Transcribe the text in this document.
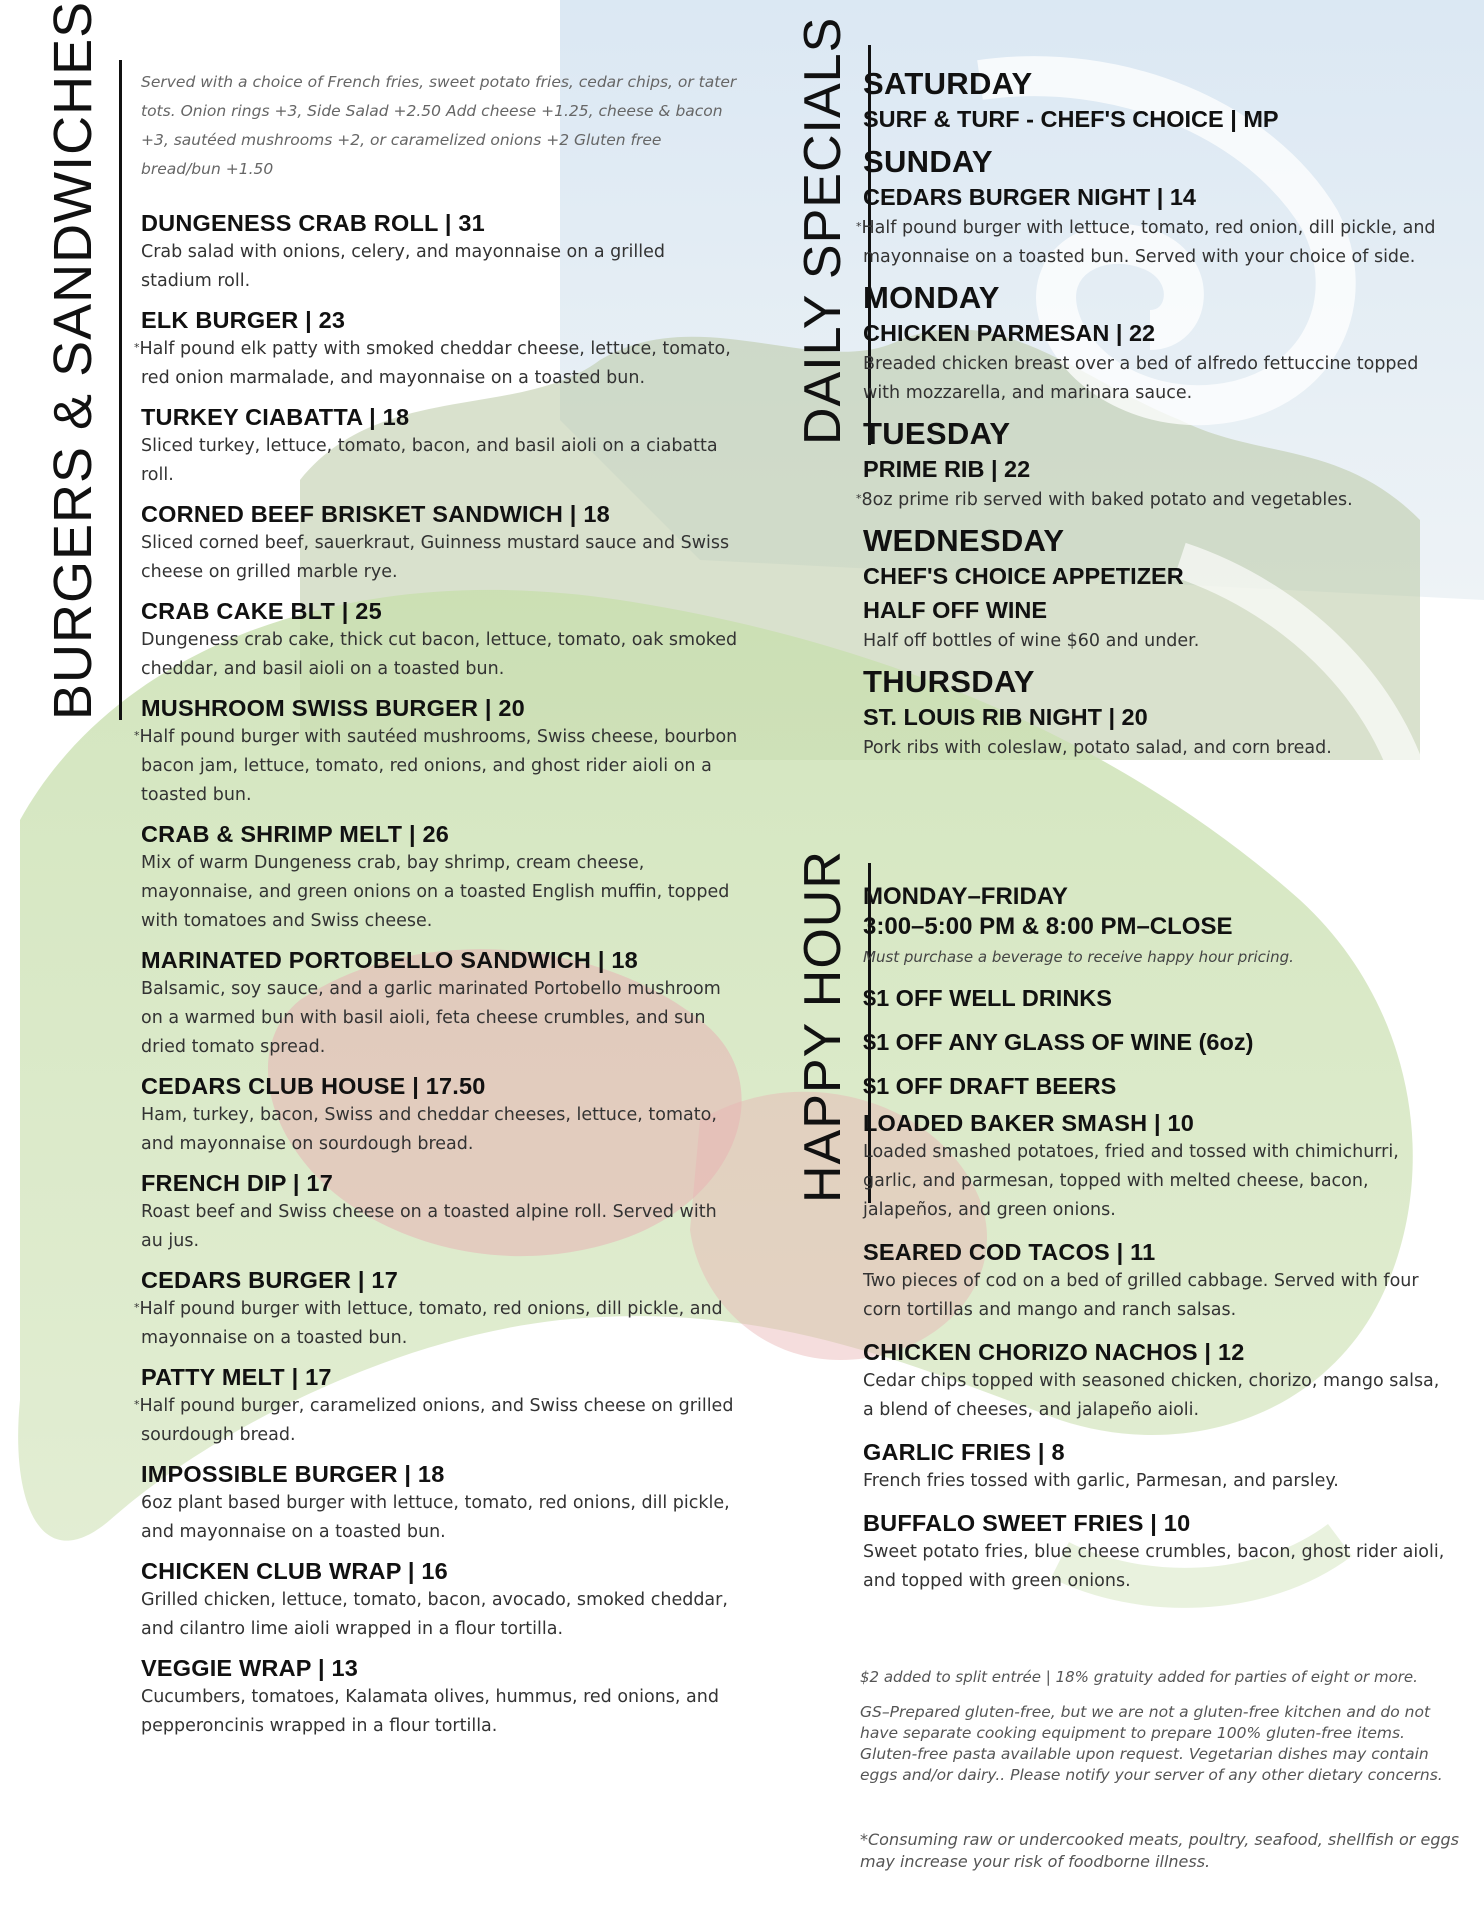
BURGERS & SANDWICHES	DAILY SPECIALS
HAPPY HOUR

Served with a choice of French fries, sweet potato fries, cedar chips, or tater tots. Onion rings +3, Side Salad +2.50 Add cheese +1.25, cheese & bacon +3, sautéed mushrooms +2, or caramelized onions +2 Gluten free bread/bun +1.50

DUNGENESS CRAB ROLL | 31
Crab salad with onions, celery, and mayonnaise on a grilled stadium roll.
ELK BURGER | 23
*Half pound elk patty with smoked cheddar cheese, lettuce, tomato, red onion marmalade, and mayonnaise on a toasted bun.
TURKEY CIABATTA | 18
Sliced turkey, lettuce, tomato, bacon, and basil aioli on a ciabatta roll.
CORNED BEEF BRISKET SANDWICH | 18
Sliced corned beef, sauerkraut, Guinness mustard sauce and Swiss cheese on grilled marble rye.
CRAB CAKE BLT | 25
Dungeness crab cake, thick cut bacon, lettuce, tomato, oak smoked cheddar, and basil aioli on a toasted bun.
MUSHROOM SWISS BURGER | 20
*Half pound burger with sautéed mushrooms, Swiss cheese, bourbon bacon jam, lettuce, tomato, red onions, and ghost rider aioli on a toasted bun.
CRAB & SHRIMP MELT | 26
Mix of warm Dungeness crab, bay shrimp, cream cheese, mayonnaise, and green onions on a toasted English muffin, topped with tomatoes and Swiss cheese.
MARINATED PORTOBELLO SANDWICH | 18
Balsamic, soy sauce, and a garlic marinated Portobello mushroom on a warmed bun with basil aioli, feta cheese crumbles, and sun dried tomato spread.
CEDARS CLUB HOUSE | 17.50
Ham, turkey, bacon, Swiss and cheddar cheeses, lettuce, tomato, and mayonnaise on sourdough bread.
FRENCH DIP | 17
Roast beef and Swiss cheese on a toasted alpine roll. Served with au jus.
CEDARS BURGER | 17
*Half pound burger with lettuce, tomato, red onions, dill pickle, and mayonnaise on a toasted bun.
PATTY MELT | 17
*Half pound burger, caramelized onions, and Swiss cheese on grilled sourdough bread.
IMPOSSIBLE BURGER | 18
6oz plant based burger with lettuce, tomato, red onions, dill pickle, and mayonnaise on a toasted bun.
CHICKEN CLUB WRAP | 16
Grilled chicken, lettuce, tomato, bacon, avocado, smoked cheddar, and cilantro lime aioli wrapped in a flour tortilla.
VEGGIE WRAP | 13
Cucumbers, tomatoes, Kalamata olives, hummus, red onions, and pepperoncinis wrapped in a flour tortilla.
SATURDAY
SURF & TURF - CHEF'S CHOICE | MP
SUNDAY
CEDARS BURGER NIGHT | 14
*Half pound burger with lettuce, tomato, red onion, dill pickle, and mayonnaise on a toasted bun. Served with your choice of side.
MONDAY
CHICKEN PARMESAN | 22
Breaded chicken breast over a bed of alfredo fettuccine topped with mozzarella, and marinara sauce.
TUESDAY
PRIME RIB | 22
*8oz prime rib served with baked potato and vegetables.
WEDNESDAY
CHEF'S CHOICE APPETIZER
HALF OFF WINE
Half off bottles of wine $60 and under.
THURSDAY
ST. LOUIS RIB NIGHT | 20
Pork ribs with coleslaw, potato salad, and corn bread.
MONDAY–FRIDAY
3:00–5:00 PM & 8:00 PM–CLOSE
Must purchase a beverage to receive happy hour pricing.
$1 OFF WELL DRINKS
$1 OFF ANY GLASS OF WINE (6oz)
$1 OFF DRAFT BEERS
LOADED BAKER SMASH | 10
Loaded smashed potatoes, fried and tossed with chimichurri, garlic, and parmesan, topped with melted cheese, bacon, jalapeños, and green onions.
SEARED COD TACOS | 11
Two pieces of cod on a bed of grilled cabbage. Served with four corn tortillas and mango and ranch salsas.
CHICKEN CHORIZO NACHOS | 12
Cedar chips topped with seasoned chicken, chorizo, mango salsa, a blend of cheeses, and jalapeño aioli.
GARLIC FRIES | 8
French fries tossed with garlic, Parmesan, and parsley.
BUFFALO SWEET FRIES | 10
Sweet potato fries, blue cheese crumbles, bacon, ghost rider aioli, and topped with green onions.
$2 added to split entrée | 18% gratuity added for parties of eight or more.
GS–Prepared gluten-free, but we are not a gluten-free kitchen and do not have separate cooking equipment to prepare 100% gluten-free items. Gluten-free pasta available upon request. Vegetarian dishes may contain eggs and/or dairy.. Please notify your server of any other dietary concerns.
*Consuming raw or undercooked meats, poultry, seafood, shellfish or eggs may increase your risk of foodborne illness.
